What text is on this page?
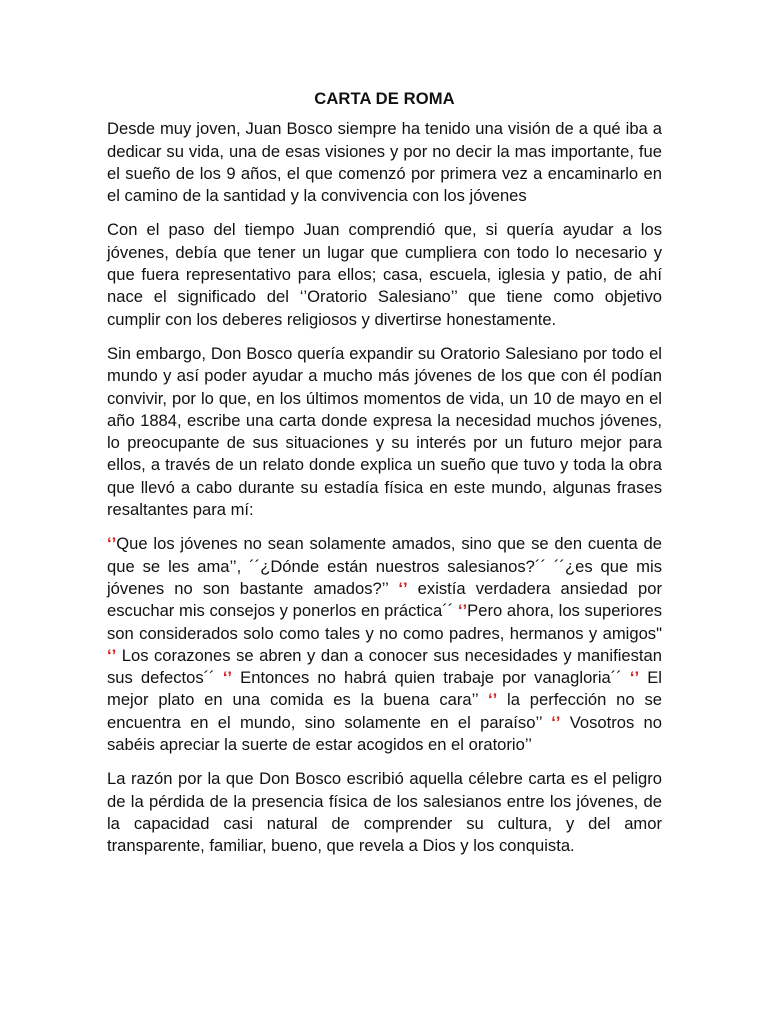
CARTA DE ROMA

Desde muy joven, Juan Bosco siempre ha tenido una visión de a qué iba a dedicar su vida, una de esas visiones y por no decir la mas importante, fue el sueño de los 9 años, el que comenzó por primera vez a encaminarlo en el camino de la santidad y la convivencia con los jóvenes

Con el paso del tiempo Juan comprendió que, si quería ayudar a los jóvenes, debía que tener un lugar que cumpliera con todo lo necesario y que fuera representativo para ellos; casa, escuela, iglesia y patio, de ahí nace el significado del ‘’Oratorio Salesiano’’ que tiene como objetivo cumplir con los deberes religiosos y divertirse honestamente.

Sin embargo, Don Bosco quería expandir su Oratorio Salesiano por todo el mundo y así poder ayudar a mucho más jóvenes de los que con él podían convivir, por lo que, en los últimos momentos de vida, un 10 de mayo en el año 1884, escribe una carta donde expresa la necesidad muchos jóvenes, lo preocupante de sus situaciones y su interés por un futuro mejor para ellos, a través de un relato donde explica un sueño que tuvo y toda la obra que llevó a cabo durante su estadía física en este mundo, algunas frases resaltantes para mí:

‘’Que los jóvenes no sean solamente amados, sino que se den cuenta de que se les ama’’, ´´¿Dónde están nuestros salesianos?´´ ´´¿es que mis jóvenes no son bastante amados?’’ ‘’ existía verdadera ansiedad por escuchar mis consejos y ponerlos en práctica´´ ‘’Pero ahora, los superiores son considerados solo como tales y no como padres, hermanos y amigos" ‘’ Los corazones se abren y dan a conocer sus necesidades y manifiestan sus defectos´´ ‘’ Entonces no habrá quien trabaje por vanagloria´´ ‘’ El mejor plato en una comida es la buena cara’’ ‘’ la perfección no se encuentra en el mundo, sino solamente en el paraíso’’ ‘’ Vosotros no sabéis apreciar la suerte de estar acogidos en el oratorio’’

La razón por la que Don Bosco escribió aquella célebre carta es el peligro de la pérdida de la presencia física de los salesianos entre los jóvenes, de la capacidad casi natural de comprender su cultura, y del amor transparente, familiar, bueno, que revela a Dios y los conquista.
